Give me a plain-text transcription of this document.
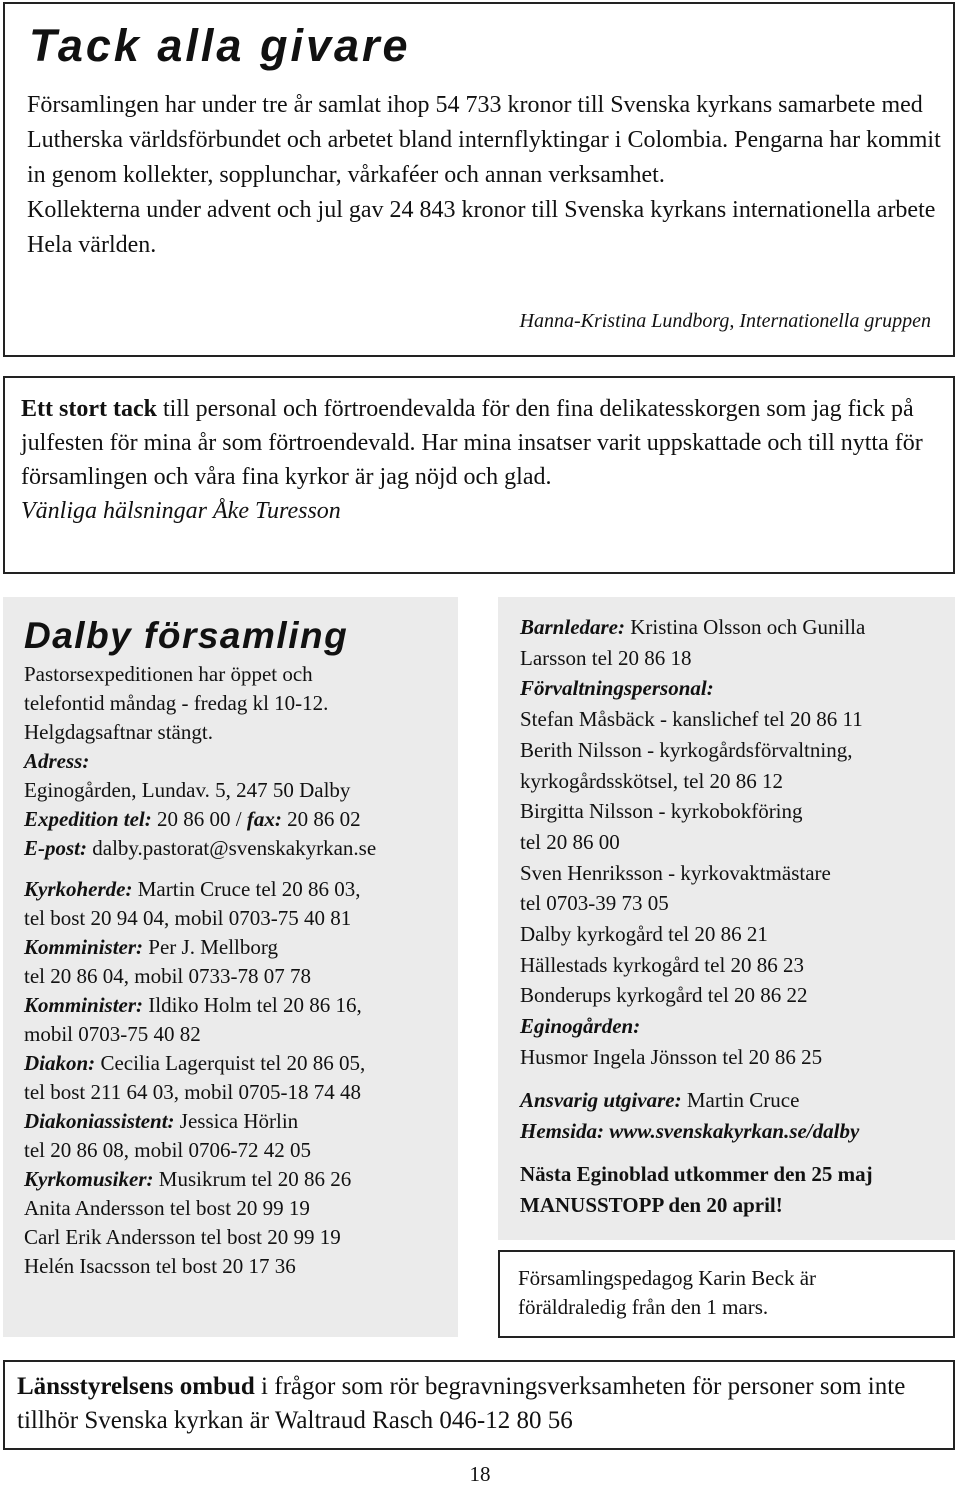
Tack alla givare

Församlingen har under tre år samlat ihop 54 733 kronor till Svenska kyrkans samarbete med Lutherska världsförbundet och arbetet bland internflyktingar i Colombia. Pengarna har kommit in genom kollekter, sopplunchar, vårkaféer och annan verksamhet.

Kollekterna under advent och jul gav 24 843 kronor till Svenska kyrkans internationella arbete Hela världen.

Hanna-Kristina Lundborg, Internationella gruppen

Ett stort tack till personal och förtroendevalda för den fina delikatesskorgen som jag fick på julfesten för mina år som förtroendevald. Har mina insatser varit uppskattade och till nytta för församlingen och våra fina kyrkor är jag nöjd och glad.

Vänliga hälsningar Åke Turesson

Dalby församling
Pastorsexpeditionen har öppet och
telefontid måndag - fredag kl 10-12.
Helgdagsaftnar stängt.
Adress:
Eginogården, Lundav. 5, 247 50 Dalby
Expedition tel: 20 86 00 / fax: 20 86 02
E-post: dalby.pastorat@svenskakyrkan.se
Kyrkoherde: Martin Cruce tel 20 86 03,
tel bost 20 94 04, mobil 0703-75 40 81
Komminister: Per J. Mellborg
tel 20 86 04, mobil 0733-78 07 78
Komminister: Ildiko Holm tel 20 86 16,
mobil 0703-75 40 82
Diakon: Cecilia Lagerquist tel 20 86 05,
tel bost 211 64 03, mobil 0705-18 74 48
Diakoniassistent: Jessica Hörlin
tel 20 86 08, mobil 0706-72 42 05
Kyrkomusiker: Musikrum tel 20 86 26
Anita Andersson tel bost 20 99 19
Carl Erik Andersson tel bost 20 99 19
Helén Isacsson tel bost 20 17 36
Barnledare: Kristina Olsson och Gunilla
Larsson tel 20 86 18
Förvaltningspersonal:
Stefan Måsbäck - kanslichef tel 20 86 11
Berith Nilsson - kyrkogårdsförvaltning,
kyrkogårdsskötsel, tel 20 86 12
Birgitta Nilsson - kyrkobokföring
tel 20 86 00
Sven Henriksson - kyrkovaktmästare
tel 0703-39 73 05
Dalby kyrkogård tel 20 86 21
Hällestads kyrkogård tel 20 86 23
Bonderups kyrkogård tel 20 86 22
Eginogården:
Husmor Ingela Jönsson tel 20 86 25
Ansvarig utgivare: Martin Cruce
Hemsida: www.svenskakyrkan.se/dalby
Nästa Eginoblad utkommer den 25 maj
MANUSSTOPP den 20 april!
Församlingspedagog Karin Beck är
föräldraledig från den 1 mars.
Länsstyrelsens ombud i frågor som rör begravningsverksamheten för personer som inte tillhör Svenska kyrkan är Waltraud Rasch 046-12 80 56
18
